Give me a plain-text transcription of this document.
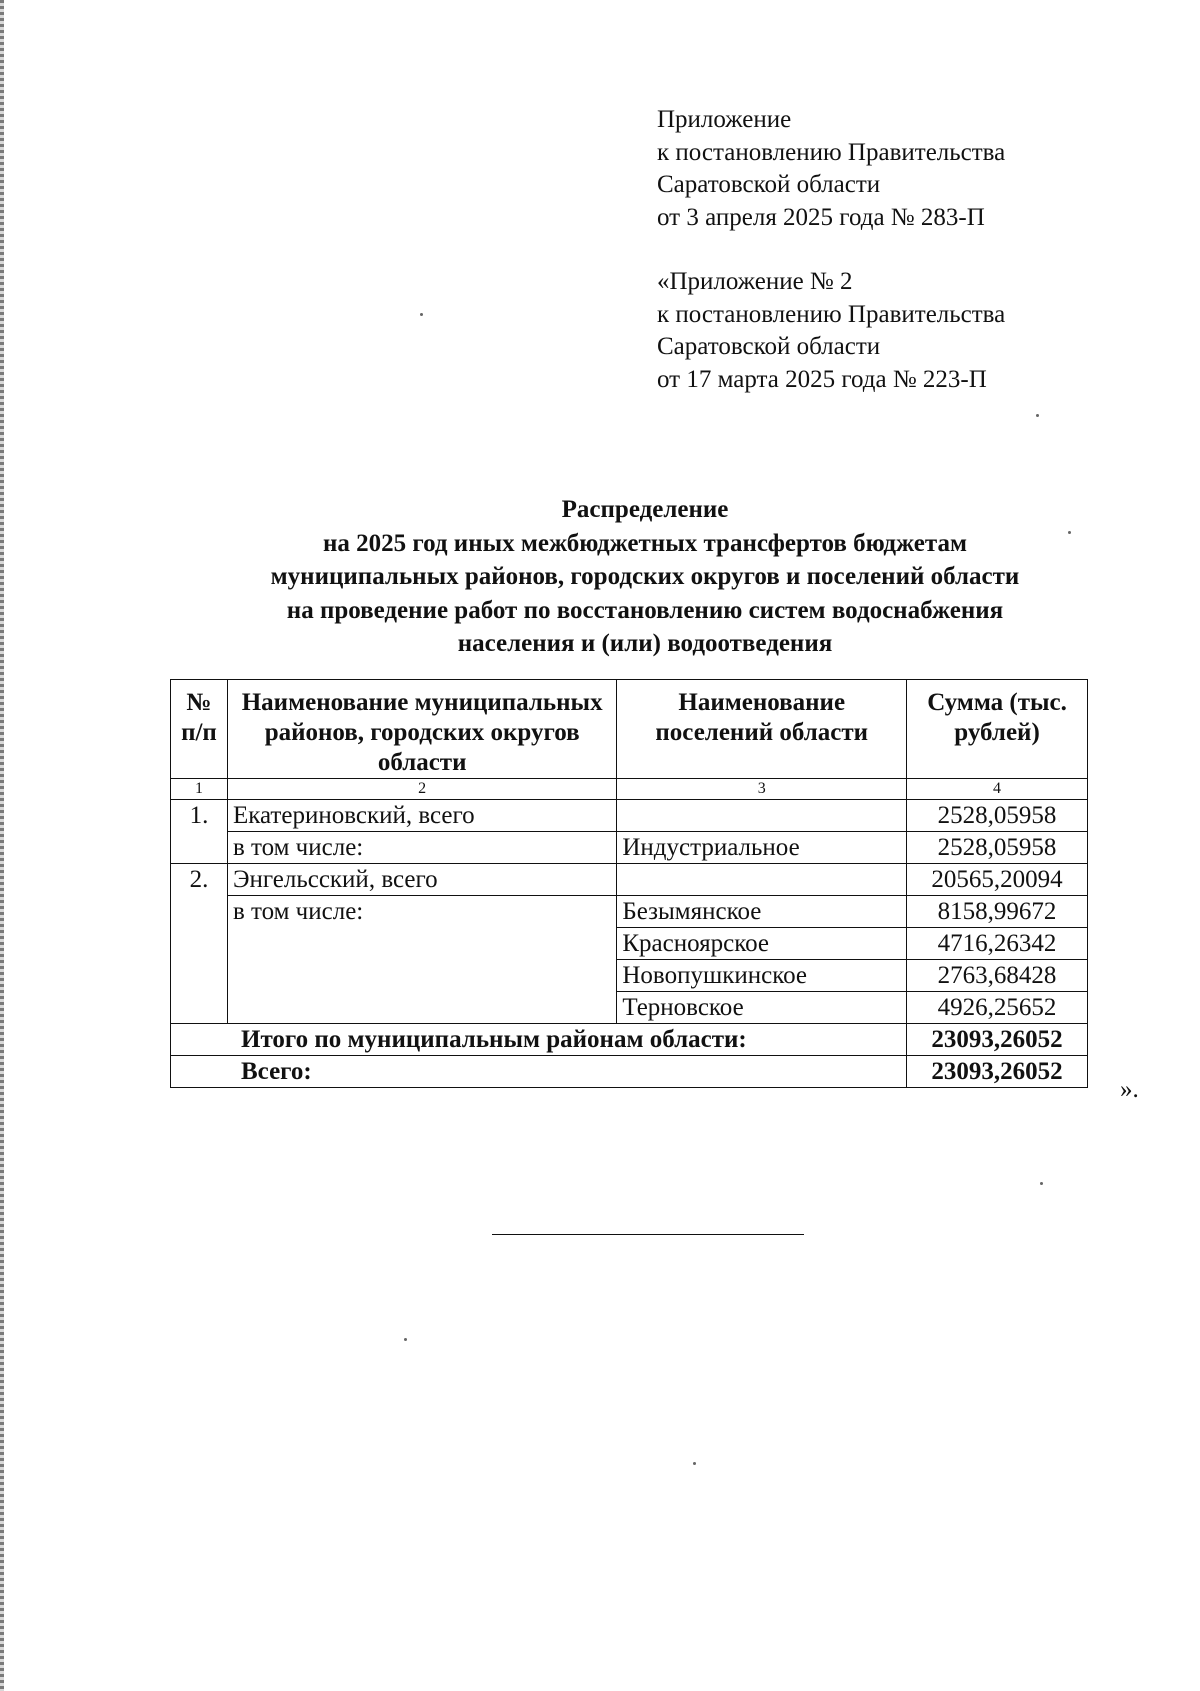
Приложение

к постановлению Правительства

Саратовской области

от 3 апреля 2025 года № 283-П

«Приложение № 2

к постановлению Правительства

Саратовской области

от 17 марта 2025 года № 223-П

Распределение
на 2025 год иных межбюджетных трансфертов бюджетам
муниципальных районов, городских округов и поселений области
на проведение работ по восстановлению систем водоснабжения
населения и (или) водоотведения
№ п/п	Наименование муниципальных районов, городских округов области	Наименование поселений области	Сумма (тыс. рублей)
1	2	3	4
1.	Екатериновский, всего		2528,05958
	в том числе:	Индустриальное	2528,05958
2.	Энгельсский, всего		20565,20094
	в том числе:	Безымянское	8158,99672
		Красноярское	4716,26342
		Новопушкинское	2763,68428
		Терновское	4926,25652
Итого по муниципальным районам области:			23093,26052
Всего:			23093,26052
».
